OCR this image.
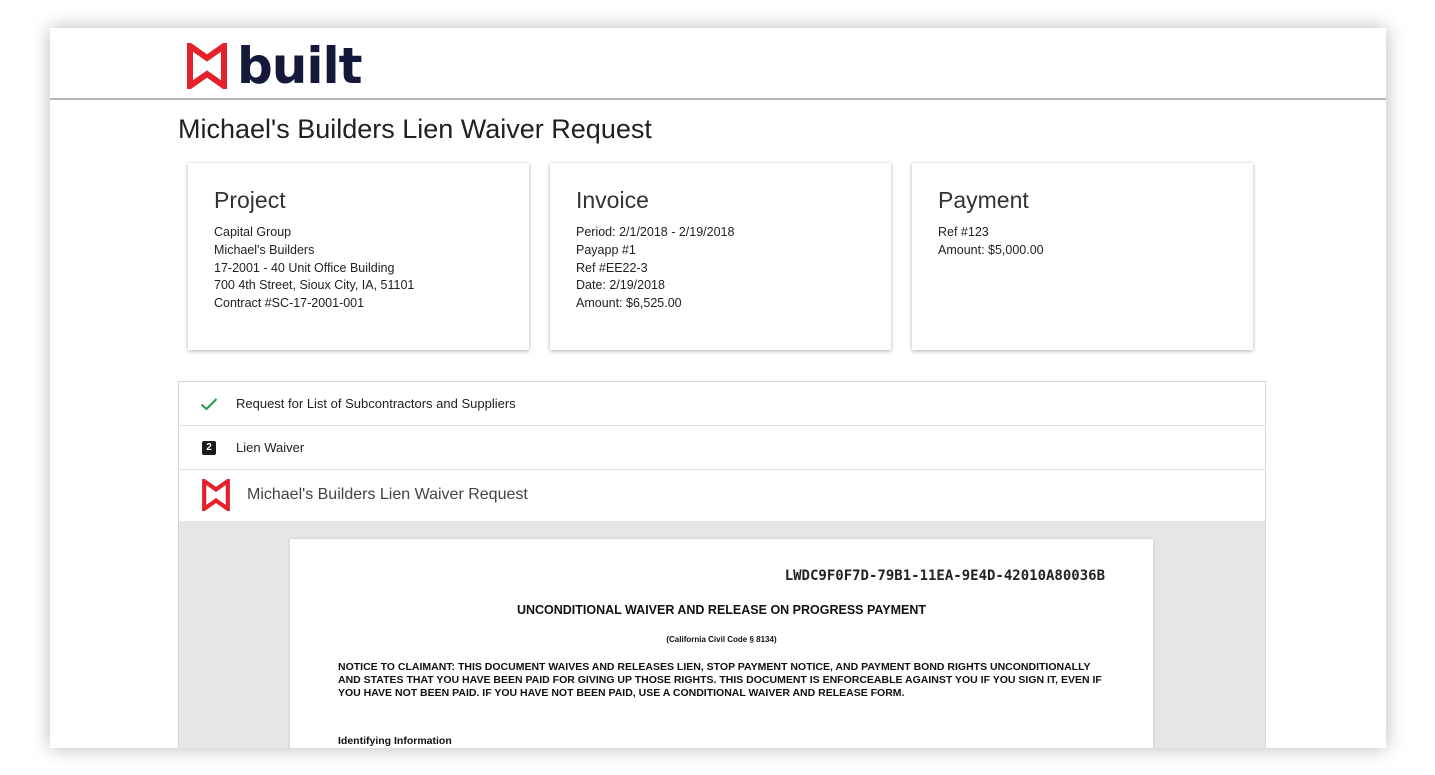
built
Michael's Builders Lien Waiver Request
Project
Capital Group
Michael's Builders
17-2001 - 40 Unit Office Building
700 4th Street, Sioux City, IA, 51101
Contract #SC-17-2001-001
Invoice
Period: 2/1/2018 - 2/19/2018
Payapp #1
Ref #EE22-3
Date: 2/19/2018
Amount: $6,525.00
Payment
Ref #123
Amount: $5,000.00
Request for List of Subcontractors and Suppliers
2	Lien Waiver
Michael's Builders Lien Waiver Request
LWDC9F0F7D-79B1-11EA-9E4D-42010A80036B
UNCONDITIONAL WAIVER AND RELEASE ON PROGRESS PAYMENT
(California Civil Code § 8134)
NOTICE TO CLAIMANT: THIS DOCUMENT WAIVES AND RELEASES LIEN, STOP PAYMENT NOTICE, AND PAYMENT BOND RIGHTS UNCONDITIONALLY AND STATES THAT YOU HAVE BEEN PAID FOR GIVING UP THOSE RIGHTS. THIS DOCUMENT IS ENFORCEABLE AGAINST YOU IF YOU SIGN IT, EVEN IF YOU HAVE NOT BEEN PAID. IF YOU HAVE NOT BEEN PAID, USE A CONDITIONAL WAIVER AND RELEASE FORM.
Identifying Information
